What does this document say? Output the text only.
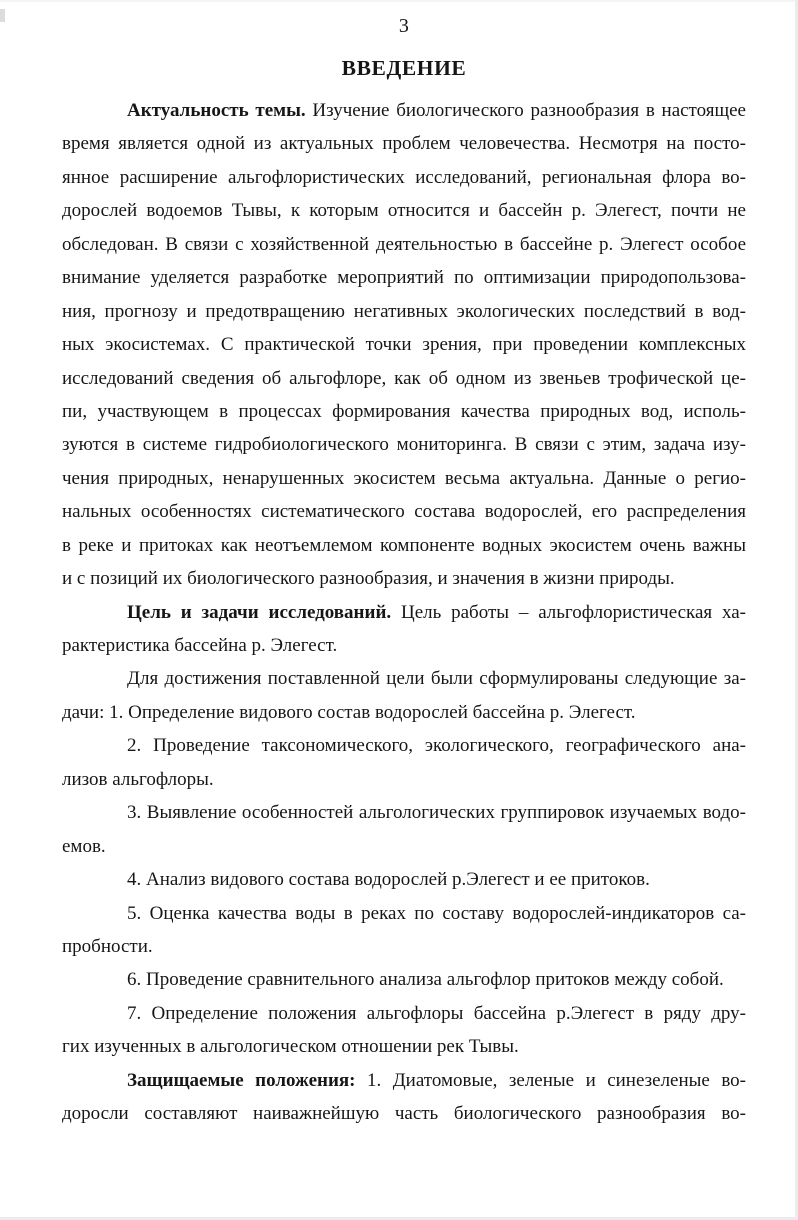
3
ВВЕДЕНИЕ
Актуальность темы. Изучение биологического разнообразия в настоящее
время является одной из актуальных проблем человечества. Несмотря на посто-
янное расширение альгофлористических исследований, региональная флора во-
дорослей водоемов Тывы, к которым относится и бассейн р. Элегест, почти не
обследован. В связи с хозяйственной деятельностью в бассейне р. Элегест особое
внимание уделяется разработке мероприятий по оптимизации природопользова-
ния, прогнозу и предотвращению негативных экологических последствий в вод-
ных экосистемах. С практической точки зрения, при проведении комплексных
исследований сведения об альгофлоре, как об одном из звеньев трофической це-
пи, участвующем в процессах формирования качества природных вод, исполь-
зуются в системе гидробиологического мониторинга. В связи с этим, задача изу-
чения природных, ненарушенных экосистем весьма актуальна. Данные о регио-
нальных особенностях систематического состава водорослей, его распределения
в реке и притоках как неотъемлемом компоненте водных экосистем очень важны
и с позиций их биологического разнообразия, и значения в жизни природы.
Цель и задачи исследований. Цель работы – альгофлористическая ха-
рактеристика бассейна р. Элегест.
Для достижения поставленной цели были сформулированы следующие за-
дачи: 1. Определение видового состав водорослей бассейна р. Элегест.
2. Проведение таксономического, экологического, географического ана-
лизов альгофлоры.
3. Выявление особенностей альгологических группировок изучаемых водо-
емов.
4. Анализ видового состава водорослей р.Элегест и ее притоков.
5. Оценка качества воды в реках по составу водорослей-индикаторов са-
пробности.
6. Проведение сравнительного анализа альгофлор притоков между собой.
7. Определение положения альгофлоры бассейна р.Элегест в ряду дру-
гих изученных в альгологическом отношении рек Тывы.
Защищаемые положения: 1. Диатомовые, зеленые и синезеленые во-
доросли составляют наиважнейшую часть биологического разнообразия во-
